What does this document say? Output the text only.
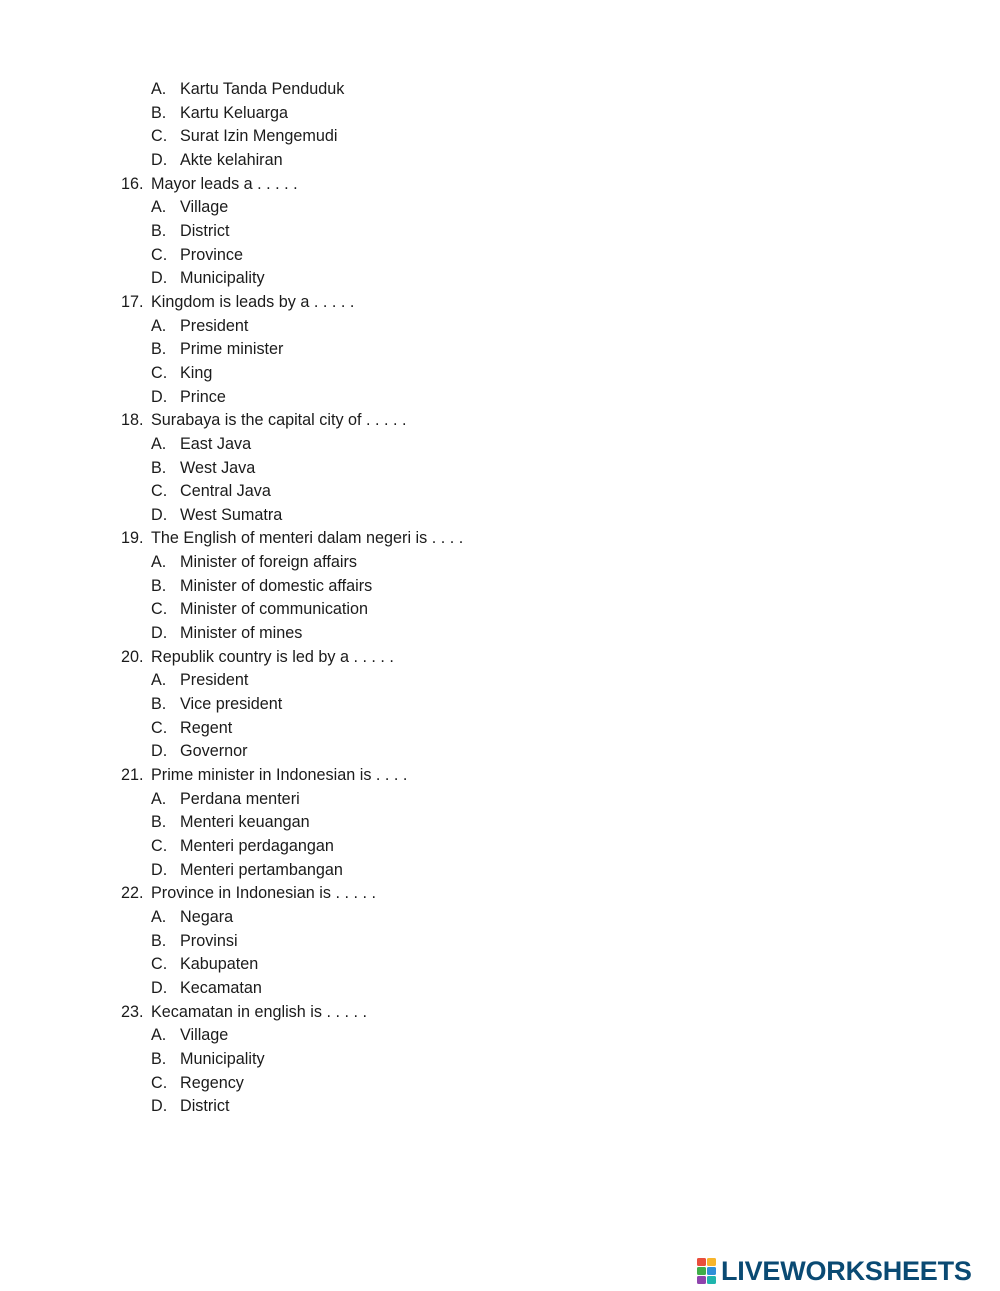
A. Kartu Tanda Penduduk
B. Kartu Keluarga
C. Surat Izin Mengemudi
D. Akte kelahiran
16. Mayor leads a . . . . .
A. Village
B. District
C. Province
D. Municipality
17. Kingdom is leads by a . . . . .
A. President
B. Prime minister
C. King
D. Prince
18. Surabaya is the capital city of . . . . .
A. East Java
B. West Java
C. Central Java
D. West Sumatra
19. The English of menteri dalam negeri is . . . .
A. Minister of foreign affairs
B. Minister of domestic affairs
C. Minister of communication
D. Minister of mines
20. Republik country is led by a . . . . .
A. President
B. Vice president
C. Regent
D. Governor
21. Prime minister in Indonesian is . . . .
A. Perdana menteri
B. Menteri keuangan
C. Menteri perdagangan
D. Menteri pertambangan
22. Province in Indonesian is . . . . .
A. Negara
B. Provinsi
C. Kabupaten
D. Kecamatan
23. Kecamatan in english is . . . . .
A. Village
B. Municipality
C. Regency
D. District
LIVEWORKSHEETS
